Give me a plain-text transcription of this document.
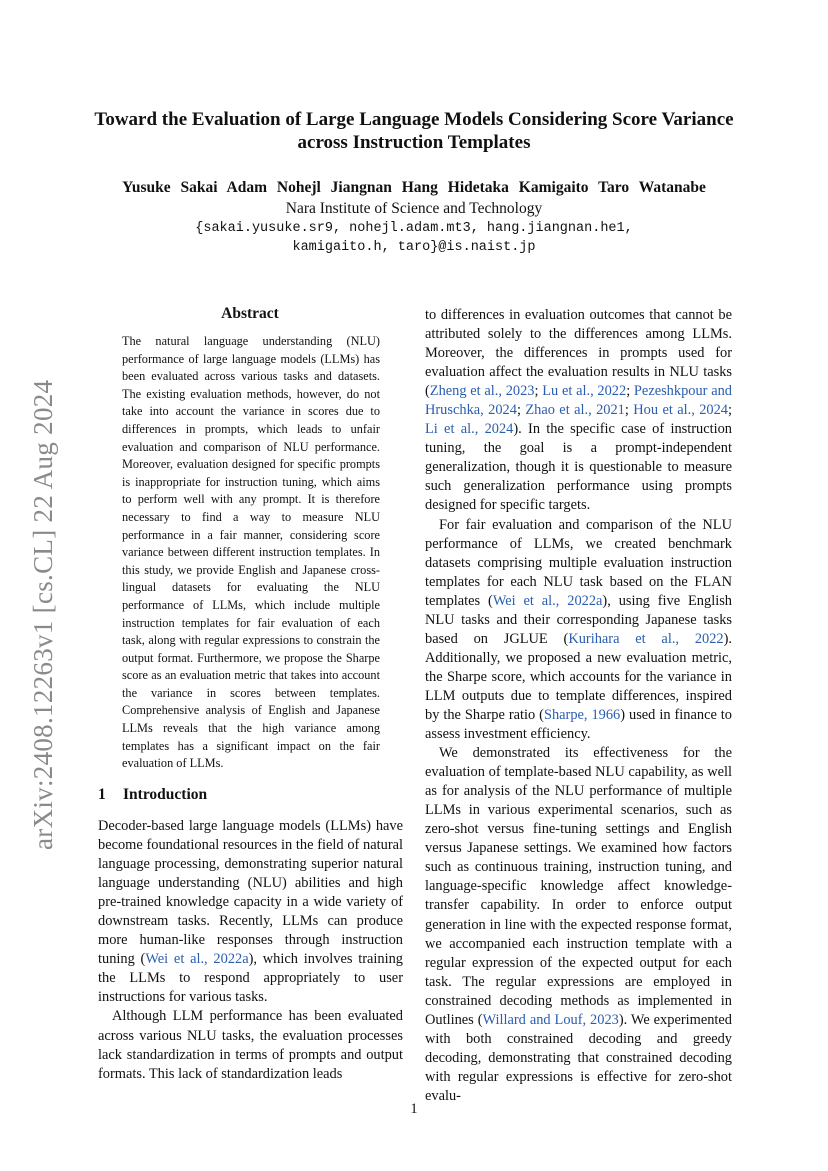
arXiv:2408.12263v1 [cs.CL] 22 Aug 2024
Toward the Evaluation of Large Language Models Considering Score Variance across Instruction Templates
Yusuke Sakai Adam Nohejl Jiangnan Hang Hidetaka Kamigaito Taro Watanabe
Nara Institute of Science and Technology
{sakai.yusuke.sr9, nohejl.adam.mt3, hang.jiangnan.he1,
kamigaito.h, taro}@is.naist.jp
Abstract
The natural language understanding (NLU) performance of large language models (LLMs) has been evaluated across various tasks and datasets. The existing evaluation methods, however, do not take into account the variance in scores due to differences in prompts, which leads to unfair evaluation and comparison of NLU performance. Moreover, evaluation designed for specific prompts is inappropriate for instruction tuning, which aims to perform well with any prompt. It is therefore necessary to find a way to measure NLU performance in a fair manner, considering score variance between different instruction templates. In this study, we provide English and Japanese cross-lingual datasets for evaluating the NLU performance of LLMs, which include multiple instruction templates for fair evaluation of each task, along with regular expressions to constrain the output format. Furthermore, we propose the Sharpe score as an evaluation metric that takes into account the variance in scores between templates. Comprehensive analysis of English and Japanese LLMs reveals that the high variance among templates has a significant impact on the fair evaluation of LLMs.
1 Introduction

Decoder-based large language models (LLMs) have become foundational resources in the field of natural language processing, demonstrating superior natural language understanding (NLU) abilities and high pre-trained knowledge capacity in a wide variety of downstream tasks. Recently, LLMs can produce more human-like responses through instruction tuning (Wei et al., 2022a), which involves training the LLMs to respond appropriately to user instructions for various tasks.

Although LLM performance has been evaluated across various NLU tasks, the evaluation processes lack standardization in terms of prompts and output formats. This lack of standardization leads

to differences in evaluation outcomes that cannot be attributed solely to the differences among LLMs. Moreover, the differences in prompts used for evaluation affect the evaluation results in NLU tasks (Zheng et al., 2023; Lu et al., 2022; Pezeshkpour and Hruschka, 2024; Zhao et al., 2021; Hou et al., 2024; Li et al., 2024). In the specific case of instruction tuning, the goal is a prompt-independent generalization, though it is questionable to measure such generalization performance using prompts designed for specific targets.

For fair evaluation and comparison of the NLU performance of LLMs, we created benchmark datasets comprising multiple evaluation instruction templates for each NLU task based on the FLAN templates (Wei et al., 2022a), using five English NLU tasks and their corresponding Japanese tasks based on JGLUE (Kurihara et al., 2022). Additionally, we proposed a new evaluation metric, the Sharpe score, which accounts for the variance in LLM outputs due to template differences, inspired by the Sharpe ratio (Sharpe, 1966) used in finance to assess investment efficiency.

We demonstrated its effectiveness for the evaluation of template-based NLU capability, as well as for analysis of the NLU performance of multiple LLMs in various experimental scenarios, such as zero-shot versus fine-tuning settings and English versus Japanese settings. We examined how factors such as continuous training, instruction tuning, and language-specific knowledge affect knowledge-transfer capability. In order to enforce output generation in line with the expected response format, we accompanied each instruction template with a regular expression of the expected output for each task. The regular expressions are employed in constrained decoding methods as implemented in Outlines (Willard and Louf, 2023). We experimented with both constrained decoding and greedy decoding, demonstrating that constrained decoding with regular expressions is effective for zero-shot evalu-

1
